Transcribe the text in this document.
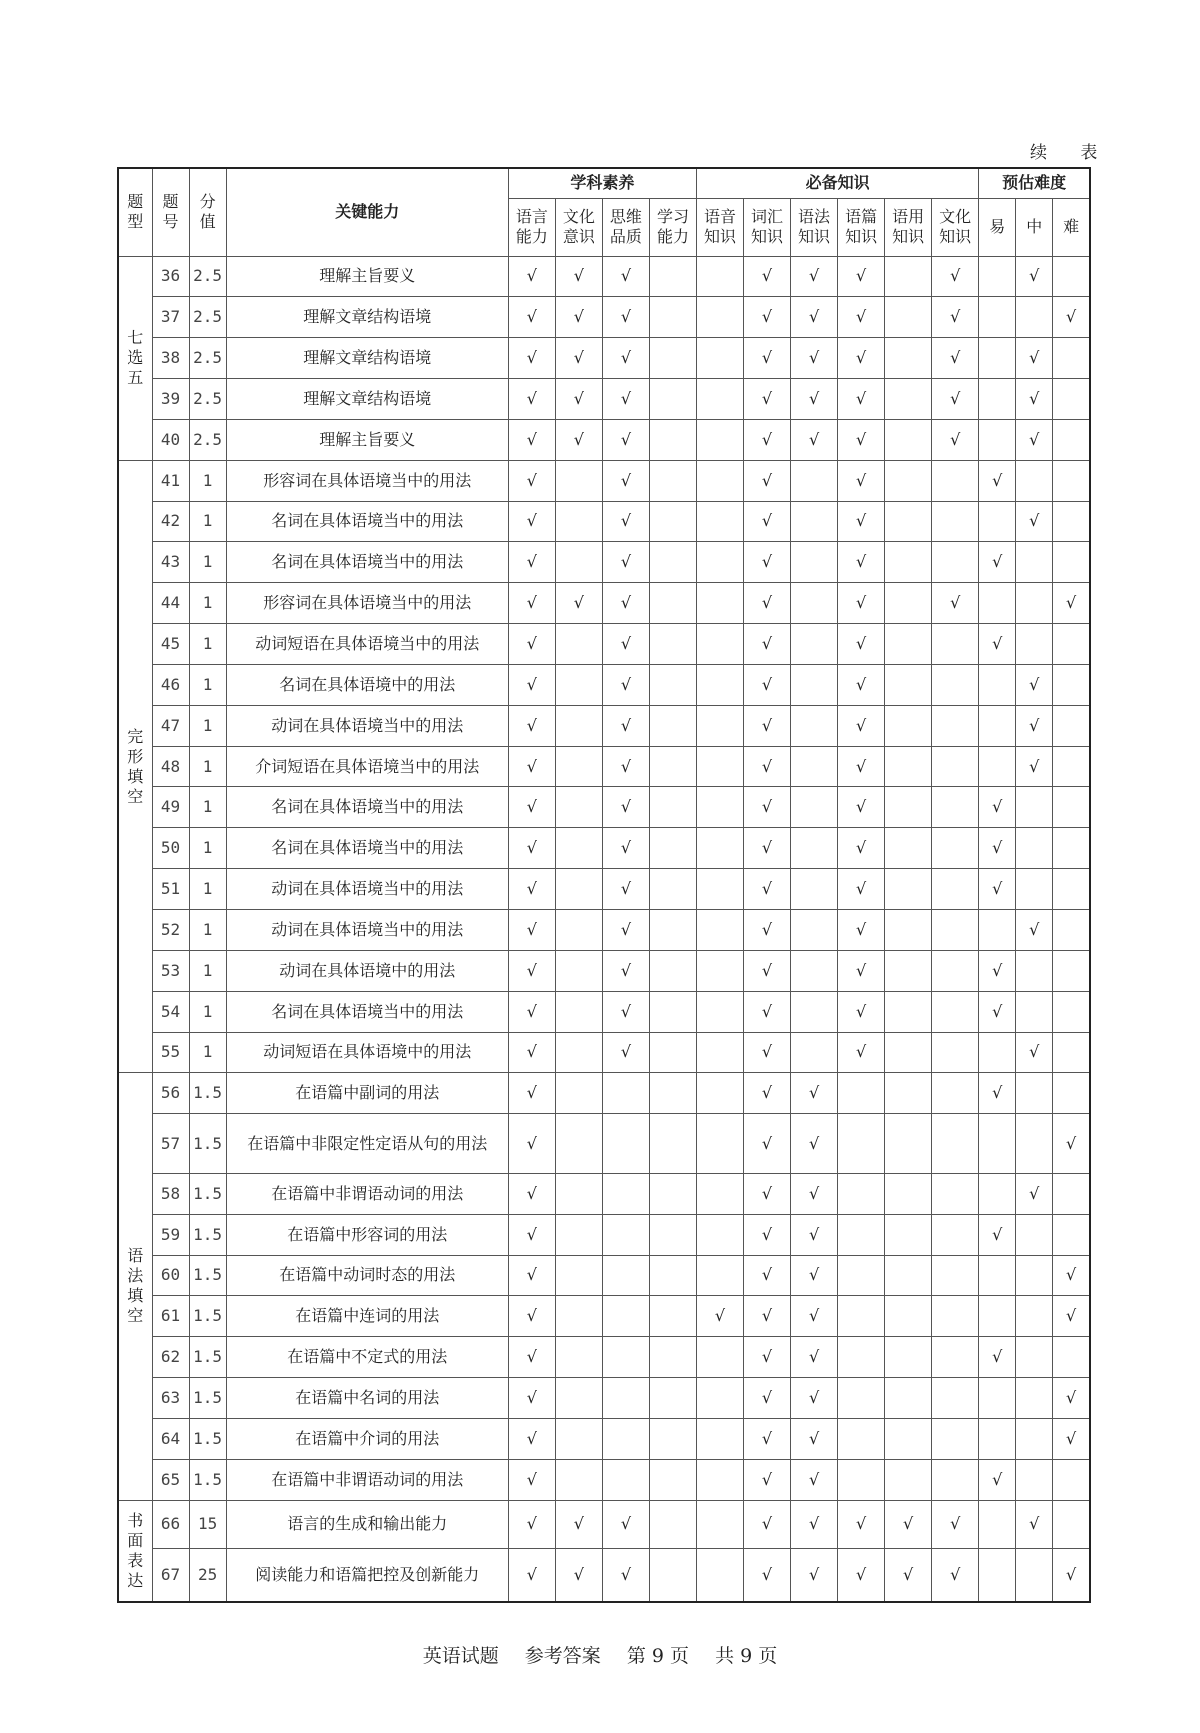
续 表
题型	题号	分值	关键能力	学科素养				必备知识						预估难度		
				语言能力	文化意识	思维品质	学习能力	语音知识	词汇知识	语法知识	语篇知识	语用知识	文化知识	易	中	难
七选五	36	2.5	理解主旨要义	√	√	√			√	√	√		√		√	
	37	2.5	理解文章结构语境	√	√	√			√	√	√		√			√
	38	2.5	理解文章结构语境	√	√	√			√	√	√		√		√	
	39	2.5	理解文章结构语境	√	√	√			√	√	√		√		√	
	40	2.5	理解主旨要义	√	√	√			√	√	√		√		√	
完形填空	41	1	形容词在具体语境当中的用法	√		√			√		√			√		
	42	1	名词在具体语境当中的用法	√		√			√		√				√	
	43	1	名词在具体语境当中的用法	√		√			√		√			√		
	44	1	形容词在具体语境当中的用法	√	√	√			√		√		√			√
	45	1	动词短语在具体语境当中的用法	√		√			√		√			√		
	46	1	名词在具体语境中的用法	√		√			√		√				√	
	47	1	动词在具体语境当中的用法	√		√			√		√				√	
	48	1	介词短语在具体语境当中的用法	√		√			√		√				√	
	49	1	名词在具体语境当中的用法	√		√			√		√			√		
	50	1	名词在具体语境当中的用法	√		√			√		√			√		
	51	1	动词在具体语境当中的用法	√		√			√		√			√		
	52	1	动词在具体语境当中的用法	√		√			√		√				√	
	53	1	动词在具体语境中的用法	√		√			√		√			√		
	54	1	名词在具体语境当中的用法	√		√			√		√			√		
	55	1	动词短语在具体语境中的用法	√		√			√		√				√	
语法填空	56	1.5	在语篇中副词的用法	√					√	√				√		
	57	1.5	在语篇中非限定性定语从句的用法	√					√	√						√
	58	1.5	在语篇中非谓语动词的用法	√					√	√					√	
	59	1.5	在语篇中形容词的用法	√					√	√				√		
	60	1.5	在语篇中动词时态的用法	√					√	√						√
	61	1.5	在语篇中连词的用法	√				√	√	√						√
	62	1.5	在语篇中不定式的用法	√					√	√				√		
	63	1.5	在语篇中名词的用法	√					√	√						√
	64	1.5	在语篇中介词的用法	√					√	√						√
	65	1.5	在语篇中非谓语动词的用法	√					√	√				√		
书面表达	66	15	语言的生成和输出能力	√	√	√			√	√	√	√	√		√	
	67	25	阅读能力和语篇把控及创新能力	√	√	√			√	√	√	√	√			√
英语试题 参考答案 第 9 页 共 9 页
